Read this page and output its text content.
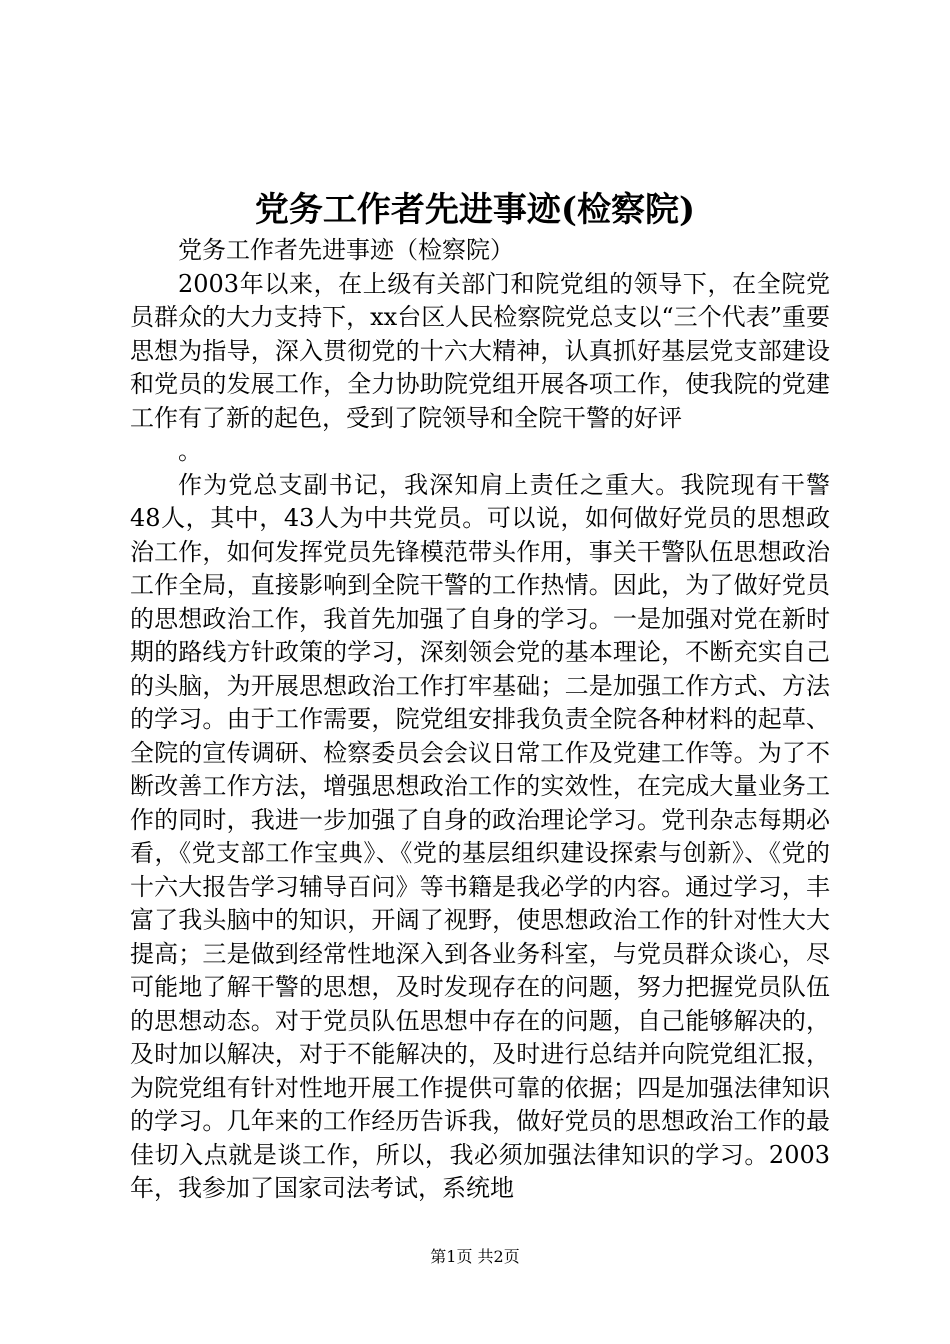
党务工作者先进事迹(检察院)

党务工作者先进事迹（检察院）

2003年以来，在上级有关部门和院党组的领导下，在全院党员群众的大力支持下，xx台区人民检察院党总支以“三个代表”重要思想为指导，深入贯彻党的十六大精神，认真抓好基层党支部建设和党员的发展工作，全力协助院党组开展各项工作，使我院的党建工作有了新的起色，受到了院领导和全院干警的好评

。

作为党总支副书记，我深知肩上责任之重大。我院现有干警48人，其中，43人为中共党员。可以说，如何做好党员的思想政治工作，如何发挥党员先锋模范带头作用，事关干警队伍思想政治工作全局，直接影响到全院干警的工作热情。因此，为了做好党员的思想政治工作，我首先加强了自身的学习。一是加强对党在新时期的路线方针政策的学习，深刻领会党的基本理论，不断充实自己的头脑，为开展思想政治工作打牢基础；二是加强工作方式、方法的学习。由于工作需要，院党组安排我负责全院各种材料的起草、全院的宣传调研、检察委员会会议日常工作及党建工作等。为了不断改善工作方法，增强思想政治工作的实效性，在完成大量业务工作的同时，我进一步加强了自身的政治理论学习。党刊杂志每期必看，《党支部工作宝典》、《党的基层组织建设探索与创新》、《党的十六大报告学习辅导百问》等书籍是我必学的内容。通过学习，丰富了我头脑中的知识，开阔了视野，使思想政治工作的针对性大大提高；三是做到经常性地深入到各业务科室，与党员群众谈心，尽可能地了解干警的思想，及时发现存在的问题，努力把握党员队伍的思想动态。对于党员队伍思想中存在的问题，自己能够解决的，及时加以解决，对于不能解决的，及时进行总结并向院党组汇报，为院党组有针对性地开展工作提供可靠的依据；四是加强法律知识的学习。几年来的工作经历告诉我，做好党员的思想政治工作的最佳切入点就是谈工作，所以，我必须加强法律知识的学习。2003年，我参加了国家司法考试，系统地

第1页 共2页
